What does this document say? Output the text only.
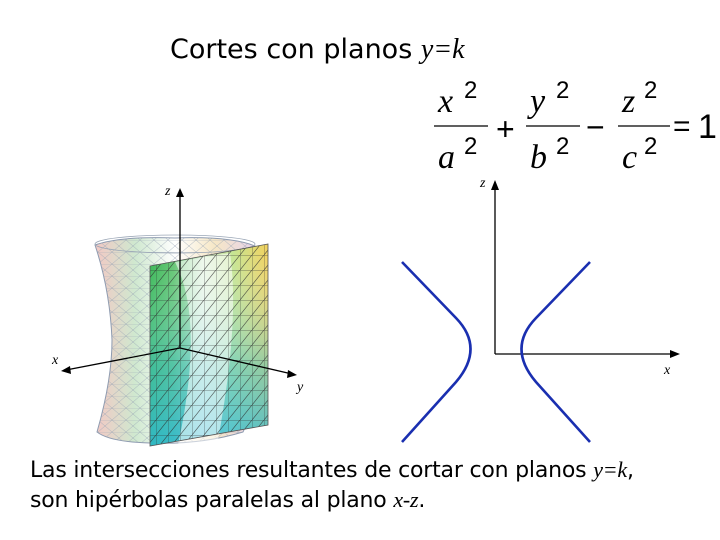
Cortes con planos y=k
x 2
a 2 +
y 2
b 2
−
z 2
c 2
= 1
z
x
y
z
x
Las intersecciones resultantes de cortar con planos y=k,
son hipérbolas paralelas al plano x-z.
